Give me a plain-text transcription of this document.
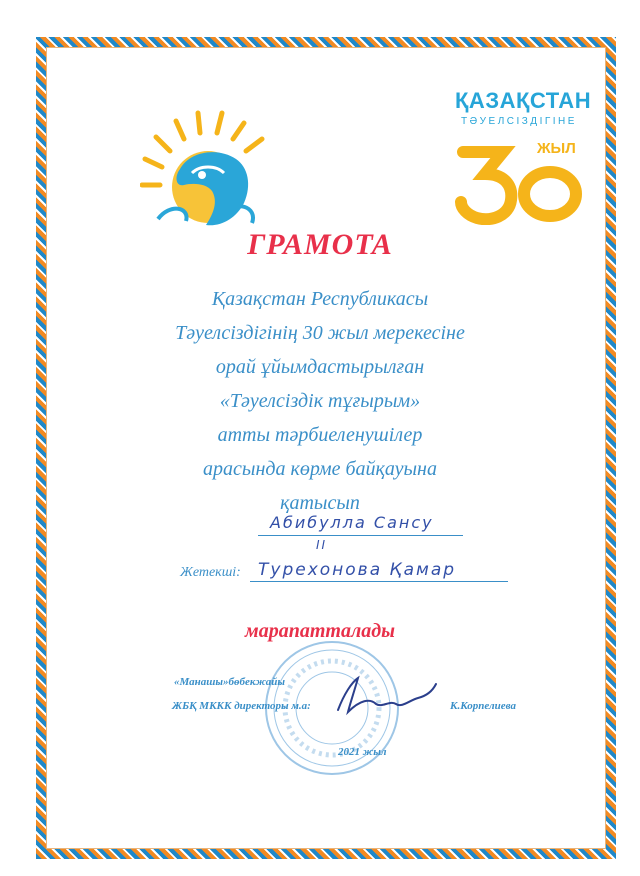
ҚАЗАҚСТАН
ТӘУЕЛСІЗДІГІНЕ
ЖЫЛ
ГРАМОТА
Қазақстан Республикасы
Тәуелсіздігінің 30 жыл мерекесіне
орай ұйымдастырылған
«Тәуелсіздік тұғырым»
атты тәрбиеленушілер
арасында көрме байқауына
қатысып
Абибулла Сансу
II
Жетекші: Турехонова Қамар
марапатталады
«Манашы»бөбекжайы
ЖБҚ МККК директоры м.а:	К.Корпелиева
2021 жыл
